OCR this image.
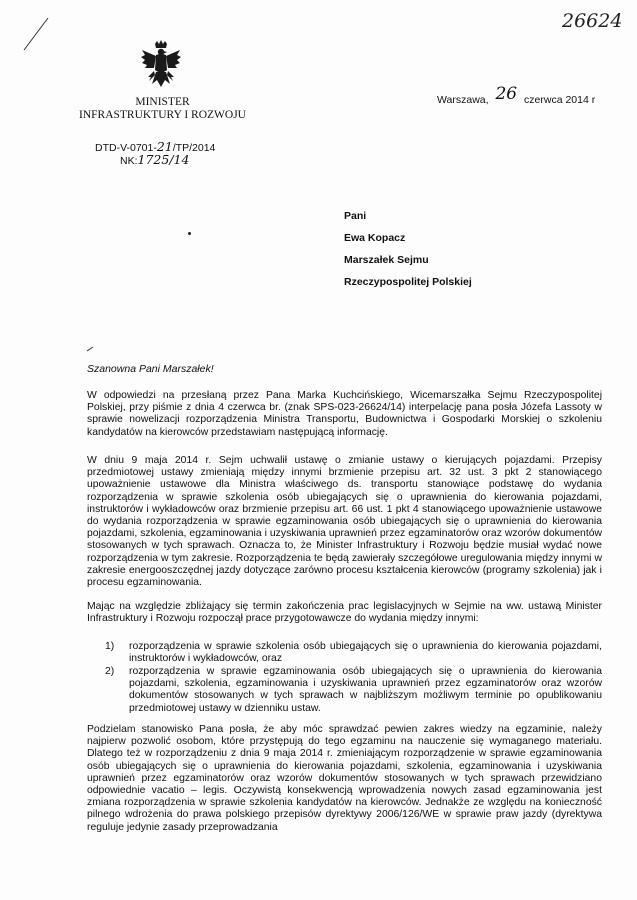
26624
MINISTER
INFRASTRUKTURY I ROZWOJU
Warszawa, 26 czerwca 2014 r
DTD-V-0701-21/TP/2014
NK:1725/14
Pani
Ewa Kopacz
Marszałek Sejmu
Rzeczypospolitej Polskiej
Szanowna Pani Marszałek!

W odpowiedzi na przesłaną przez Pana Marka Kuchcińskiego, Wicemarszałka Sejmu Rzeczypospolitej Polskiej, przy piśmie z dnia 4 czerwca br. (znak SPS-023-26624/14) interpelację pana posła Józefa Lassoty w sprawie nowelizacji rozporządzenia Ministra Transportu, Budownictwa i Gospodarki Morskiej o szkoleniu kandydatów na kierowców przedstawiam następującą informację.

W dniu 9 maja 2014 r. Sejm uchwalił ustawę o zmianie ustawy o kierujących pojazdami. Przepisy przedmiotowej ustawy zmieniają między innymi brzmienie przepisu art. 32 ust. 3 pkt 2 stanowiącego upoważnienie ustawowe dla Ministra właściwego ds. transportu stanowiące podstawę do wydania rozporządzenia w sprawie szkolenia osób ubiegających się o uprawnienia do kierowania pojazdami, instruktorów i wykładowców oraz brzmienie przepisu art. 66 ust. 1 pkt 4 stanowiącego upoważnienie ustawowe do wydania rozporządzenia w sprawie egzaminowania osób ubiegających się o uprawnienia do kierowania pojazdami, szkolenia, egzaminowania i uzyskiwania uprawnień przez egzaminatorów oraz wzorów dokumentów stosowanych w tych sprawach. Oznacza to, że Minister Infrastruktury i Rozwoju będzie musiał wydać nowe rozporządzenia w tym zakresie. Rozporządzenia te będą zawierały szczegółowe uregulowania między innymi w zakresie energooszczędnej jazdy dotyczące zarówno procesu kształcenia kierowców (programy szkolenia) jak i procesu egzaminowania.

Mając na względzie zbliżający się termin zakończenia prac legislacyjnych w Sejmie na ww. ustawą Minister Infrastruktury i Rozwoju rozpoczął prace przygotowawcze do wydania między innymi:

1) rozporządzenia w sprawie szkolenia osób ubiegających się o uprawnienia do kierowania pojazdami, instruktorów i wykładowców, oraz
2) rozporządzenia w sprawie egzaminowania osób ubiegających się o uprawnienia do kierowania pojazdami, szkolenia, egzaminowania i uzyskiwania uprawnień przez egzaminatorów oraz wzorów dokumentów stosowanych w tych sprawach w najbliższym możliwym terminie po opublikowaniu przedmiotowej ustawy w dzienniku ustaw.

Podzielam stanowisko Pana posła, że aby móc sprawdzać pewien zakres wiedzy na egzaminie, należy najpierw pozwolić osobom, które przystępują do tego egzaminu na nauczenie się wymaganego materiału. Dlatego też w rozporządzeniu z dnia 9 maja 2014 r. zmieniającym rozporządzenie w sprawie egzaminowania osób ubiegających się o uprawnienia do kierowania pojazdami, szkolenia, egzaminowania i uzyskiwania uprawnień przez egzaminatorów oraz wzorów dokumentów stosowanych w tych sprawach przewidziano odpowiednie vacatio – legis. Oczywistą konsekwencją wprowadzenia nowych zasad egzaminowania jest zmiana rozporządzenia w sprawie szkolenia kandydatów na kierowców. Jednakże ze względu na konieczność pilnego wdrożenia do prawa polskiego przepisów dyrektywy 2006/126/WE w sprawie praw jazdy (dyrektywa reguluje jedynie zasady przeprowadzania
